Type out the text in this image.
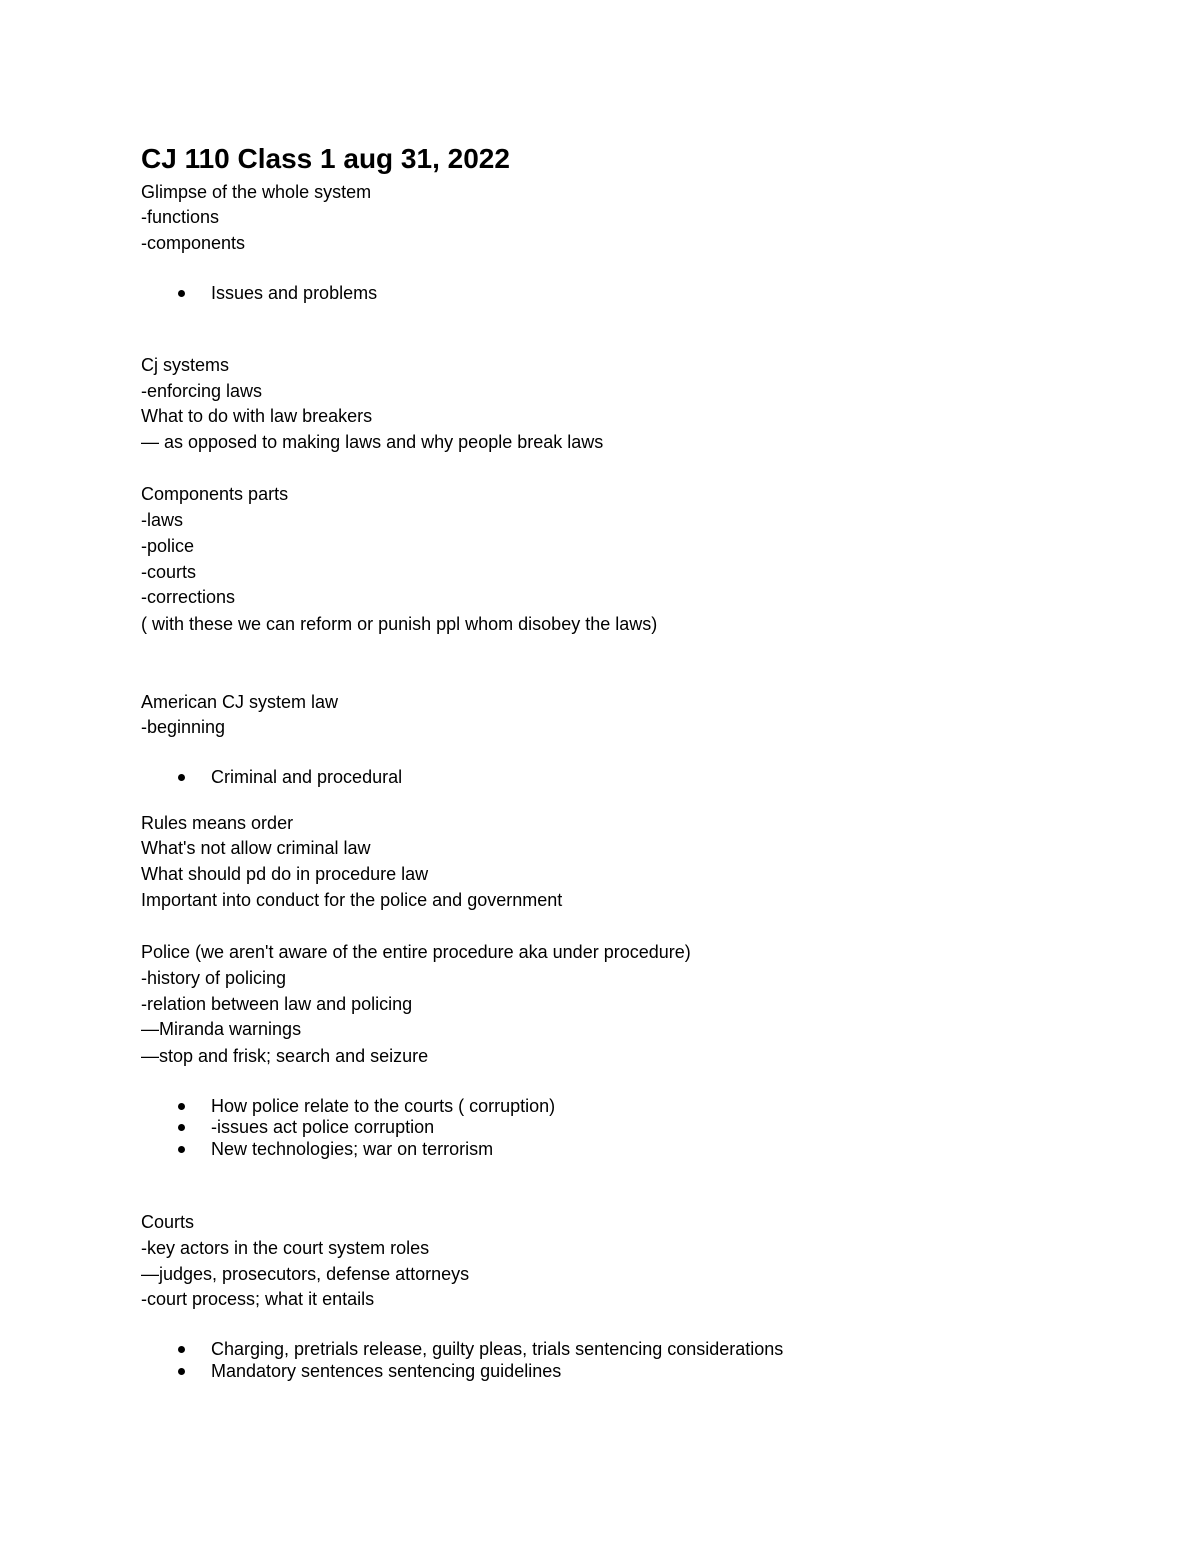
CJ 110 Class 1 aug 31, 2022

Glimpse of the whole system

-functions

-components

Issues and problems

Cj systems

-enforcing laws

What to do with law breakers

— as opposed to making laws and why people break laws

Components parts

-laws

-police

-courts

-corrections

( with these we can reform or punish ppl whom disobey the laws)

American CJ system law

-beginning

Criminal and procedural

Rules means order

What's not allow criminal law

What should pd do in procedure law

Important into conduct for the police and government

Police (we aren't aware of the entire procedure aka under procedure)

-history of policing

-relation between law and policing

—Miranda warnings

—stop and frisk; search and seizure

How police relate to the courts ( corruption)

-issues act police corruption

New technologies; war on terrorism

Courts

-key actors in the court system roles

—judges, prosecutors, defense attorneys

-court process; what it entails

Charging, pretrials release, guilty pleas, trials sentencing considerations

Mandatory sentences sentencing guidelines
